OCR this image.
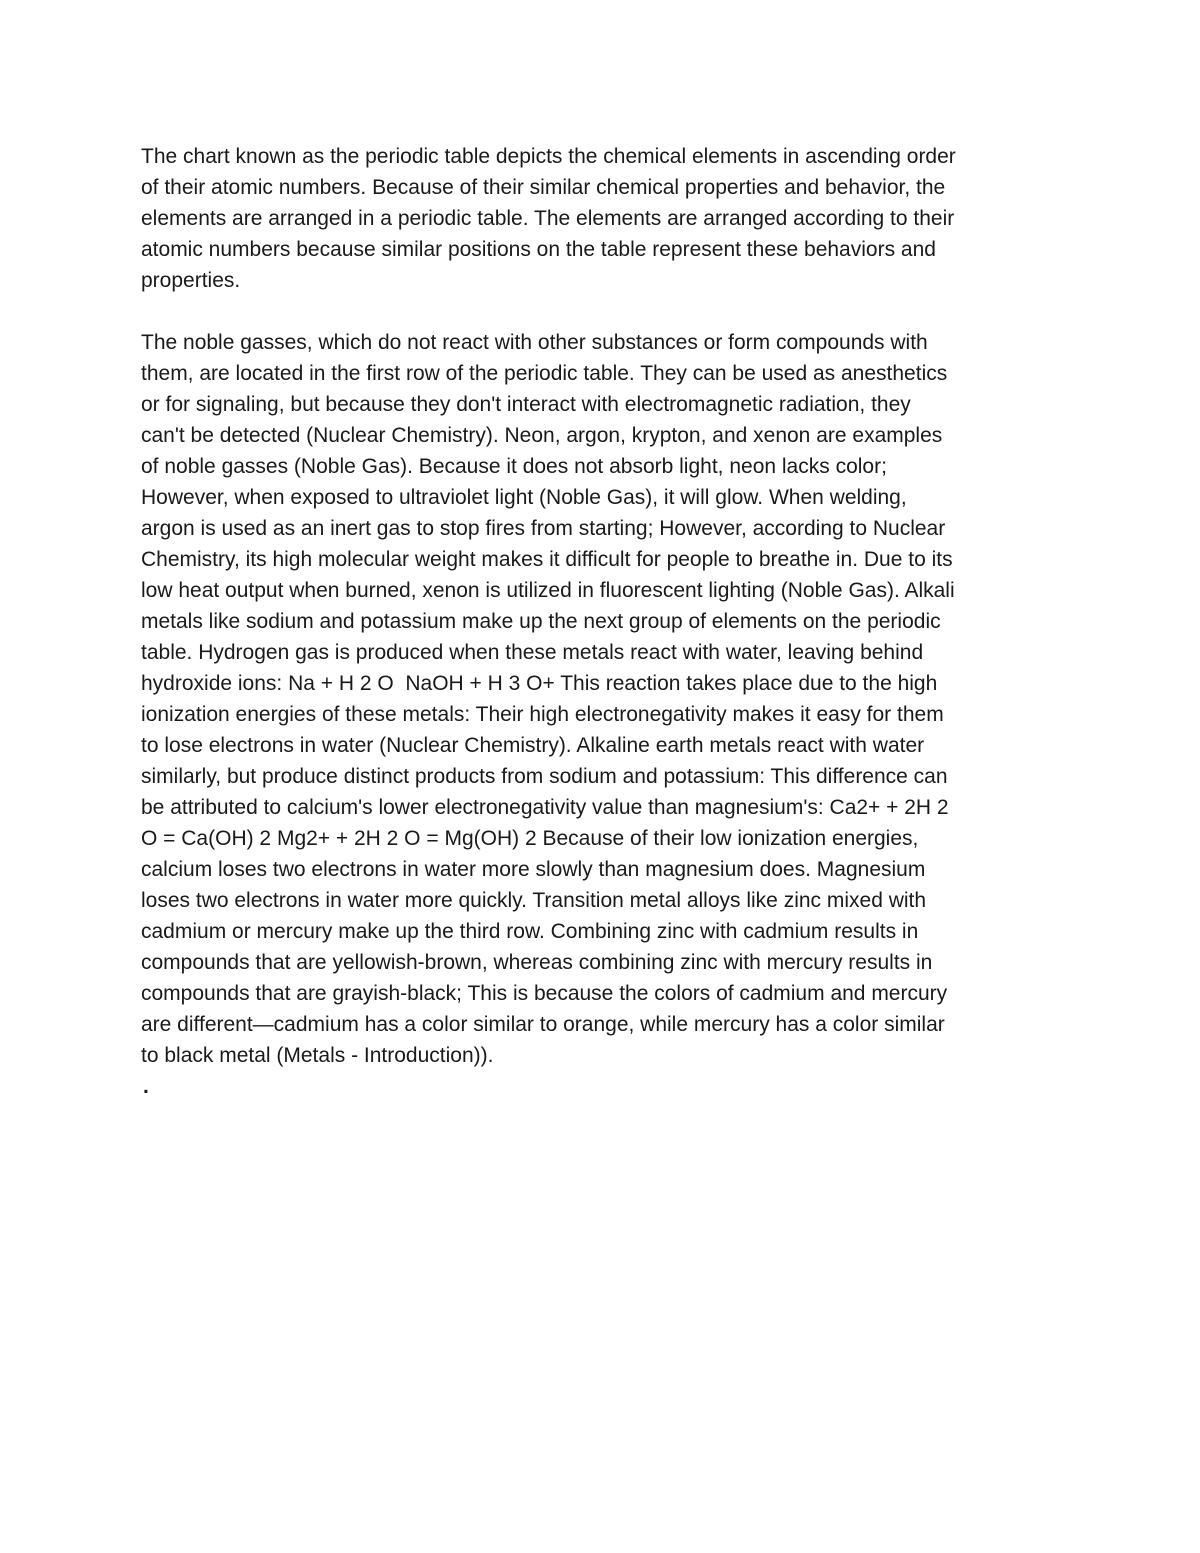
The chart known as the periodic table depicts the chemical elements in ascending order
of their atomic numbers. Because of their similar chemical properties and behavior, the
elements are arranged in a periodic table. The elements are arranged according to their
atomic numbers because similar positions on the table represent these behaviors and
properties.
The noble gasses, which do not react with other substances or form compounds with
them, are located in the first row of the periodic table. They can be used as anesthetics
or for signaling, but because they don't interact with electromagnetic radiation, they
can't be detected (Nuclear Chemistry). Neon, argon, krypton, and xenon are examples
of noble gasses (Noble Gas). Because it does not absorb light, neon lacks color;
However, when exposed to ultraviolet light (Noble Gas), it will glow. When welding,
argon is used as an inert gas to stop fires from starting; However, according to Nuclear
Chemistry, its high molecular weight makes it difficult for people to breathe in. Due to its
low heat output when burned, xenon is utilized in fluorescent lighting (Noble Gas). Alkali
metals like sodium and potassium make up the next group of elements on the periodic
table. Hydrogen gas is produced when these metals react with water, leaving behind
hydroxide ions: Na + H 2 O  NaOH + H 3 O+ This reaction takes place due to the high
ionization energies of these metals: Their high electronegativity makes it easy for them
to lose electrons in water (Nuclear Chemistry). Alkaline earth metals react with water
similarly, but produce distinct products from sodium and potassium: This difference can
be attributed to calcium's lower electronegativity value than magnesium's: Ca2+ + 2H 2
O = Ca(OH) 2 Mg2+ + 2H 2 O = Mg(OH) 2 Because of their low ionization energies,
calcium loses two electrons in water more slowly than magnesium does. Magnesium
loses two electrons in water more quickly. Transition metal alloys like zinc mixed with
cadmium or mercury make up the third row. Combining zinc with cadmium results in
compounds that are yellowish-brown, whereas combining zinc with mercury results in
compounds that are grayish-black; This is because the colors of cadmium and mercury
are different—cadmium has a color similar to orange, while mercury has a color similar
to black metal (Metals - Introduction)).
.
